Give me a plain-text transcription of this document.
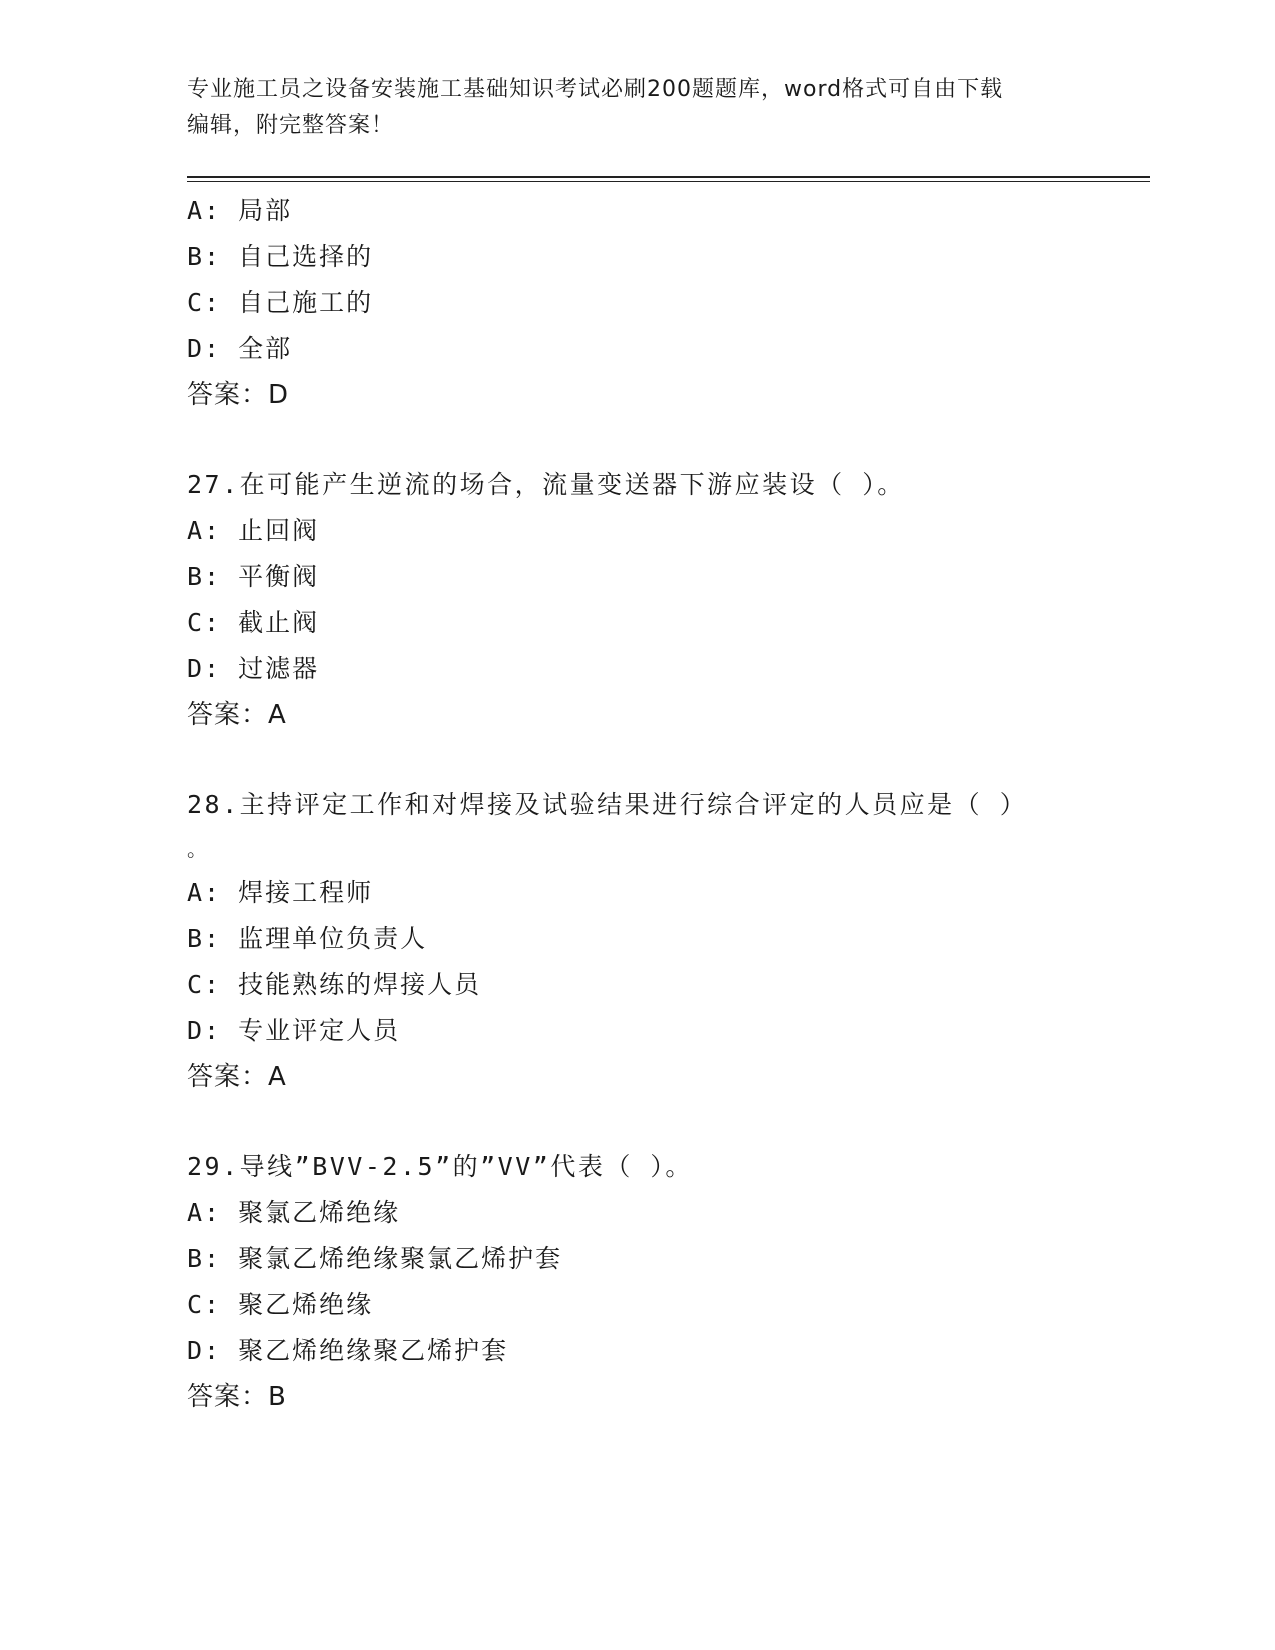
专业施工员之设备安装施工基础知识考试必刷200题题库，word格式可自由下载
编辑，附完整答案！
A: 局部
B: 自己选择的
C: 自己施工的
D: 全部
答案：D
27.在可能产生逆流的场合，流量变送器下游应装设（ ）。
A: 止回阀
B: 平衡阀
C: 截止阀
D: 过滤器
答案：A
28.主持评定工作和对焊接及试验结果进行综合评定的人员应是（ ）
。
A: 焊接工程师
B: 监理单位负责人
C: 技能熟练的焊接人员
D: 专业评定人员
答案：A
29.导线”BVV-2.5”的”VV”代表（ ）。
A: 聚氯乙烯绝缘
B: 聚氯乙烯绝缘聚氯乙烯护套
C: 聚乙烯绝缘
D: 聚乙烯绝缘聚乙烯护套
答案：B
